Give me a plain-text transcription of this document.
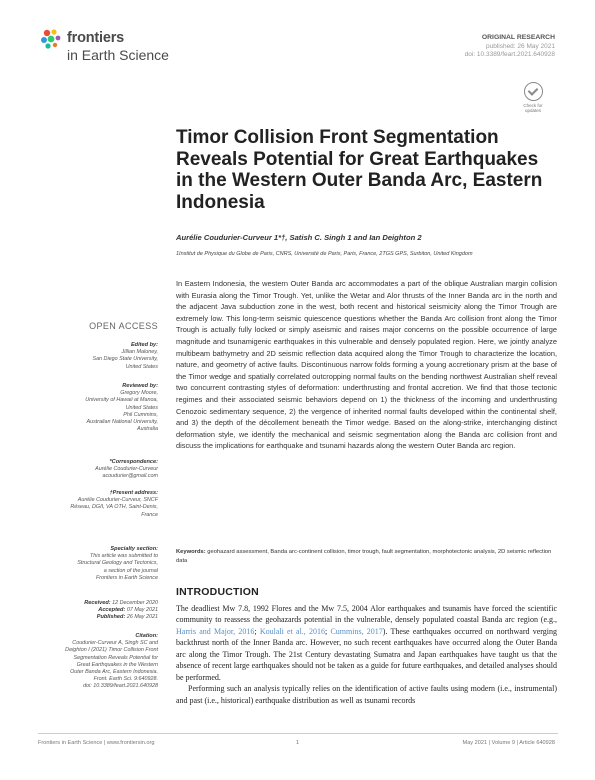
frontiers
in Earth Science
ORIGINAL RESEARCH
published: 26 May 2021
doi: 10.3389/feart.2021.640928
Check for
updates
Timor Collision Front Segmentation Reveals Potential for Great Earthquakes in the Western Outer Banda Arc, Eastern Indonesia
Aurélie Coudurier-Curveur 1*†, Satish C. Singh 1 and Ian Deighton 2
1Institut de Physique du Globe de Paris, CNRS, Université de Paris, Paris, France, 2TGS GPS, Surbiton, United Kingdom
In Eastern Indonesia, the western Outer Banda arc accommodates a part of the oblique Australian margin collision with Eurasia along the Timor Trough. Yet, unlike the Wetar and Alor thrusts of the Inner Banda arc in the north and the adjacent Java subduction zone in the west, both recent and historical seismicity along the Timor Trough are extremely low. This long-term seismic quiescence questions whether the Banda Arc collision front along the Timor Trough is actually fully locked or simply aseismic and raises major concerns on the possible occurrence of large magnitude and tsunamigenic earthquakes in this vulnerable and densely populated region. Here, we jointly analyze multibeam bathymetry and 2D seismic reflection data acquired along the Timor Trough to characterize the location, nature, and geometry of active faults. Discontinuous narrow folds forming a young accretionary prism at the base of the Timor wedge and spatially correlated outcropping normal faults on the bending northwest Australian shelf reveal two concurrent contrasting styles of deformation: underthrusting and frontal accretion. We find that those tectonic regimes and their associated seismic behaviors depend on 1) the thickness of the incoming and underthrusting Cenozoic sedimentary sequence, 2) the vergence of inherited normal faults developed within the continental shelf, and 3) the depth of the décollement beneath the Timor wedge. Based on the along-strike, interchanging distinct deformation style, we identify the mechanical and seismic segmentation along the Banda arc collision front and discuss the implications for earthquake and tsunami hazards along the western Outer Banda arc region.
Keywords: geohazard assessment, Banda arc-continent collision, timor trough, fault segmentation, morphotectonic analysis, 2D seismic reflection data
INTRODUCTION

The deadliest Mw 7.8, 1992 Flores and the Mw 7.5, 2004 Alor earthquakes and tsunamis have forced the scientific community to reassess the geohazards potential in the vulnerable, densely populated coastal Banda arc region (e.g., Harris and Major, 2016; Koulali et al., 2016; Cummins, 2017). These earthquakes occurred on northward verging backthrust north of the Inner Banda arc. However, no such recent earthquakes have occurred along the Outer Banda arc along the Timor Trough. The 21st Century devastating Sumatra and Japan earthquakes have taught us that the absence of recent large earthquakes should not be taken as a guide for future earthquakes, and detailed analyses should be performed.

Performing such an analysis typically relies on the identification of active faults using modern (i.e., instrumental) and past (i.e., historical) earthquake distribution as well as tsunami records

OPEN ACCESS
Edited by:
Jillian Maloney,
San Diego State University,
United States
Reviewed by:
Gregory Moore,
University of Hawaii at Manoa,
United States
Phil Cummins,
Australian National University,
Australia
*Correspondence:
Aurélie Coudurier-Curveur
acoudurier@gmail.com
†Present address:
Aurélie Coudurier-Curveur, SNCF
Réseau, DGII, VA OTH, Saint-Denis,
France
Specialty section:
This article was submitted to
Structural Geology and Tectonics,
a section of the journal
Frontiers in Earth Science
Received: 12 December 2020
Accepted: 07 May 2021
Published: 26 May 2021
Citation:
Coudurier-Curveur A, Singh SC and
Deighton I (2021) Timor Collision Front
Segmentation Reveals Potential for
Great Earthquakes in the Western
Outer Banda Arc, Eastern Indonesia.
Front. Earth Sci. 9:640928.
doi: 10.3389/feart.2021.640928
Frontiers in Earth Science | www.frontiersin.org	1	May 2021 | Volume 9 | Article 640928
